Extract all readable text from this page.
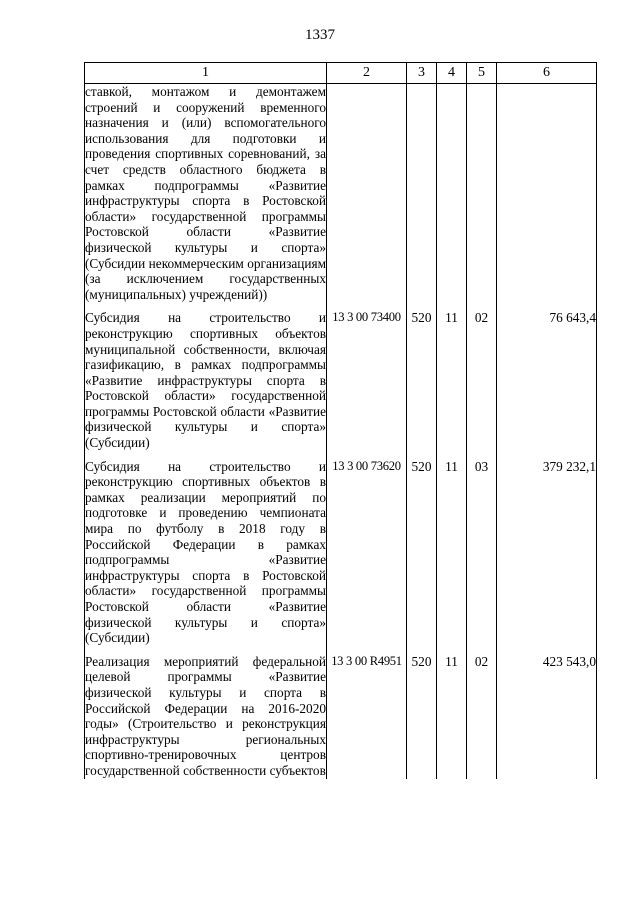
1337
1	2	3	4	5	6
ставкой, монтажом и демонтажем строений и сооружений временного назначения и (или) вспомогательного использования для подготовки и проведения спортивных соревнований, за счет средств областного бюджета в рамках подпрограммы «Развитие инфраструктуры спорта в Ростовской области» государственной программы Ростовской области «Развитие физической культуры и спорта» (Субсидии некоммерческим организациям (за исключением государственных (муниципальных) учреждений))					
Субсидия на строительство и реконструкцию спортивных объектов муниципальной собственности, включая газификацию, в рамках подпрограммы «Развитие инфраструктуры спорта в Ростовской области» государственной программы Ростовской области «Развитие физической культуры и спорта» (Субсидии)	13 3 00 73400	520	11	02	76 643,4
Субсидия на строительство и реконструкцию спортивных объектов в рамках реализации мероприятий по подготовке и проведению чемпионата мира по футболу в 2018 году в Российской Федерации в рамках подпрограммы «Развитие инфраструктуры спорта в Ростовской области» государственной программы Ростовской области «Развитие физической культуры и спорта» (Субсидии)	13 3 00 73620	520	11	03	379 232,1
Реализация мероприятий федеральной целевой программы «Развитие физической культуры и спорта в Российской Федерации на 2016-2020 годы» (Строительство и реконструкция инфраструктуры региональных спортивно-тренировочных центров государственной собственности субъектов	13 3 00 R4951	520	11	02	423 543,0
